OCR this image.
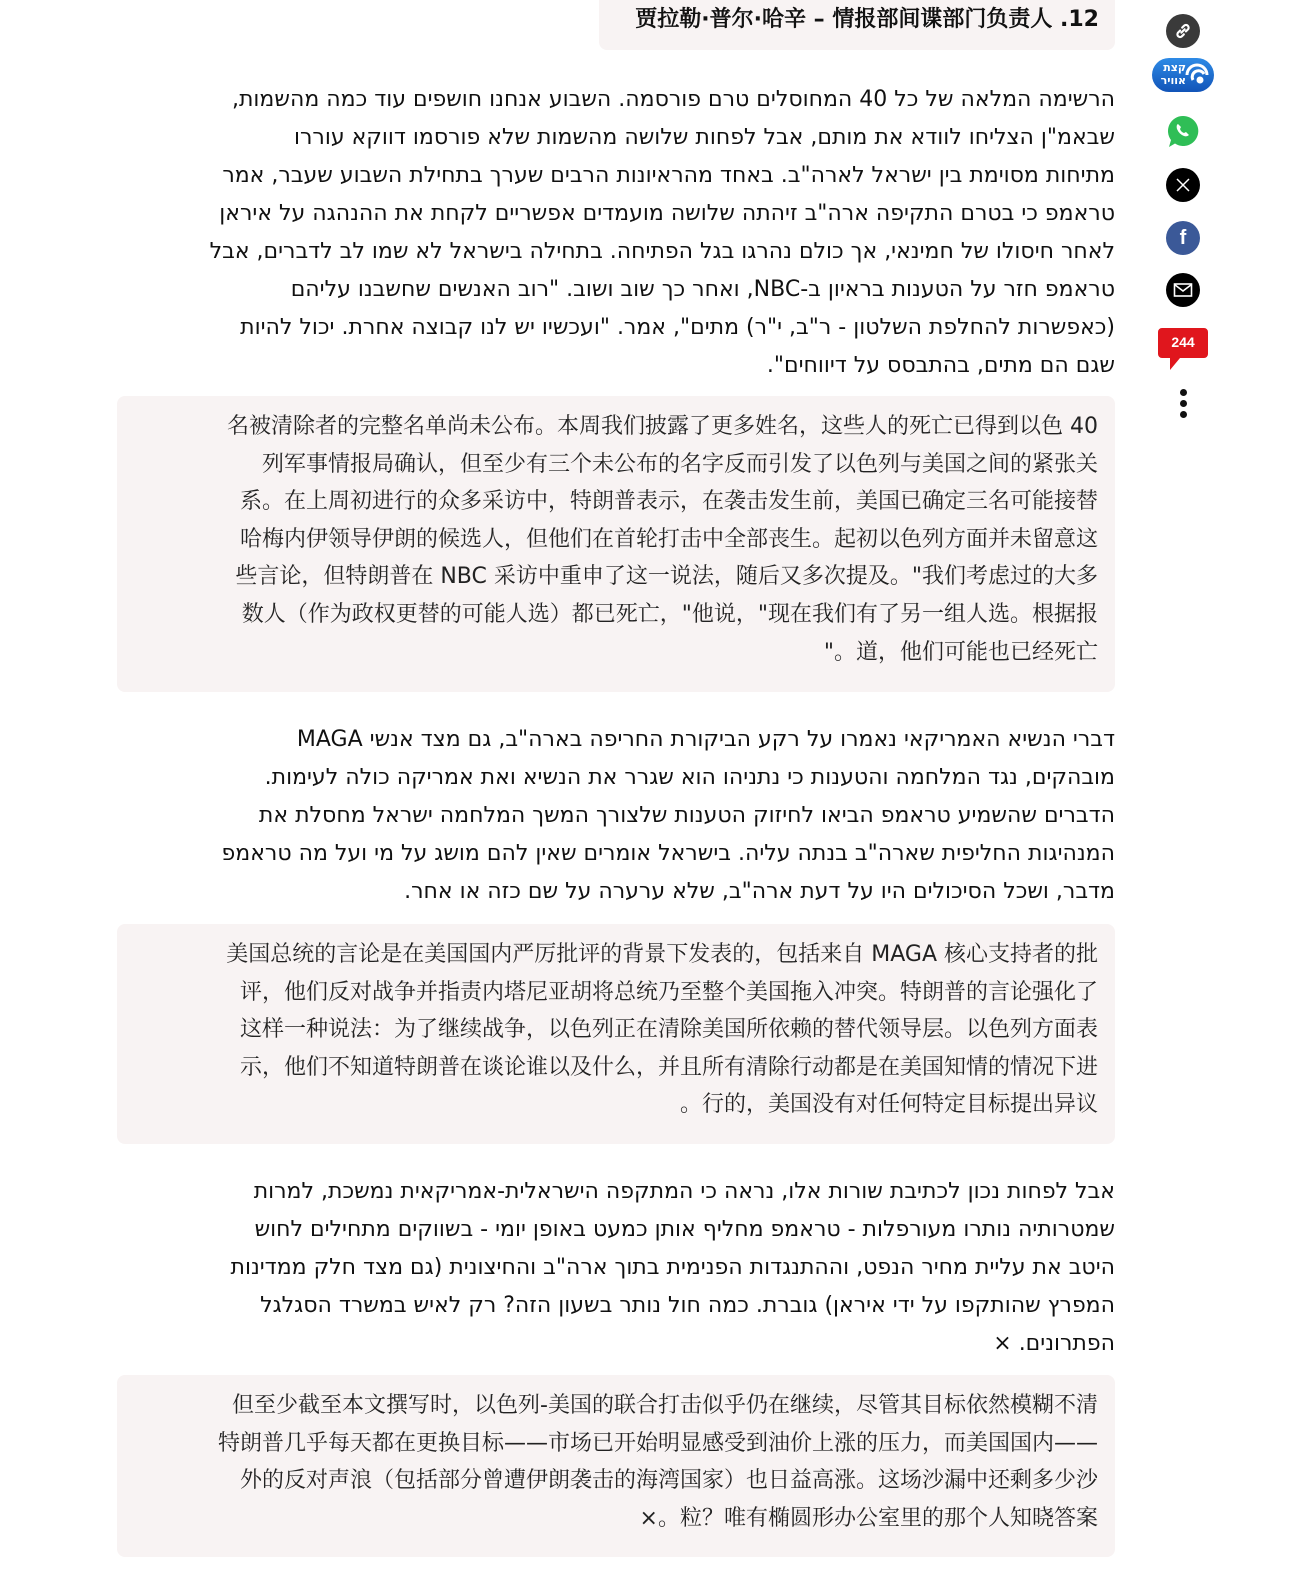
12. 贾拉勒·普尔·哈辛 – 情报部间谍部门负责人
הרשימה המלאה של כל 40 המחוסלים טרם פורסמה. השבוע אנחנו חושפים עוד כמה מהשמות,
שבאמ"ן הצליחו לוודא את מותם, אבל לפחות שלושה מהשמות שלא פורסמו דווקא עוררו
מתיחות מסוימת בין ישראל לארה"ב. באחד מהראיונות הרבים שערך בתחילת השבוע שעבר, אמר
טראמפ כי בטרם התקיפה ארה"ב זיהתה שלושה מועמדים אפשריים לקחת את ההנהגה על איראן
לאחר חיסולו של חמינאי, אך כולם נהרגו בגל הפתיחה. בתחילה בישראל לא שמו לב לדברים, אבל
טראמפ חזר על הטענות בראיון ב-NBC, ואחר כך שוב ושוב. "רוב האנשים שחשבנו עליהם
(כאפשרות להחלפת השלטון - ר"ב, י"ר) מתים", אמר. "ועכשיו יש לנו קבוצה אחרת. יכול להיות
שגם הם מתים, בהתבסס על דיווחים".
40 名被清除者的完整名单尚未公布。本周我们披露了更多姓名，这些人的死亡已得到以色
列军事情报局确认，但至少有三个未公布的名字反而引发了以色列与美国之间的紧张关
系。在上周初进行的众多采访中，特朗普表示，在袭击发生前，美国已确定三名可能接替
哈梅内伊领导伊朗的候选人，但他们在首轮打击中全部丧生。起初以色列方面并未留意这
些言论，但特朗普在 NBC 采访中重申了这一说法，随后又多次提及。"我们考虑过的大多
数人（作为政权更替的可能人选）都已死亡，"他说，"现在我们有了另一组人选。根据报
道，他们可能也已经死亡。"
דברי הנשיא האמריקאי נאמרו על רקע הביקורת החריפה בארה"ב, גם מצד אנשי MAGA
מובהקים, נגד המלחמה והטענות כי נתניהו הוא שגרר את הנשיא ואת אמריקה כולה לעימות.
הדברים שהשמיע טראמפ הביאו לחיזוק הטענות שלצורך המשך המלחמה ישראל מחסלת את
המנהיגות החליפית שארה"ב בנתה עליה. בישראל אומרים שאין להם מושג על מי ועל מה טראמפ
מדבר, ושכל הסיכולים היו על דעת ארה"ב, שלא ערערה על שם כזה או אחר.
美国总统的言论是在美国国内严厉批评的背景下发表的，包括来自 MAGA 核心支持者的批
评，他们反对战争并指责内塔尼亚胡将总统乃至整个美国拖入冲突。特朗普的言论强化了
这样一种说法：为了继续战争，以色列正在清除美国所依赖的替代领导层。以色列方面表
示，他们不知道特朗普在谈论谁以及什么，并且所有清除行动都是在美国知情的情况下进
行的，美国没有对任何特定目标提出异议。
אבל לפחות נכון לכתיבת שורות אלו, נראה כי המתקפה הישראלית-אמריקאית נמשכת, למרות
שמטרותיה נותרו מעורפלות - טראמפ מחליף אותן כמעט באופן יומי - בשווקים מתחילים לחוש
היטב את עליית מחיר הנפט, וההתנגדות הפנימית בתוך ארה"ב והחיצונית (גם מצד חלק ממדינות
המפרץ שהותקפו על ידי איראן) גוברת. כמה חול נותר בשעון הזה? רק לאיש במשרד הסגלגל
הפתרונים. ×
但至少截至本文撰写时，以色列-美国的联合打击似乎仍在继续，尽管其目标依然模糊不清
——特朗普几乎每天都在更换目标——市场已开始明显感受到油价上涨的压力，而美国国内
外的反对声浪（包括部分曾遭伊朗袭击的海湾国家）也日益高涨。这场沙漏中还剩多少沙
粒？唯有椭圆形办公室里的那个人知晓答案。×
קצת
אוויר
f
244
